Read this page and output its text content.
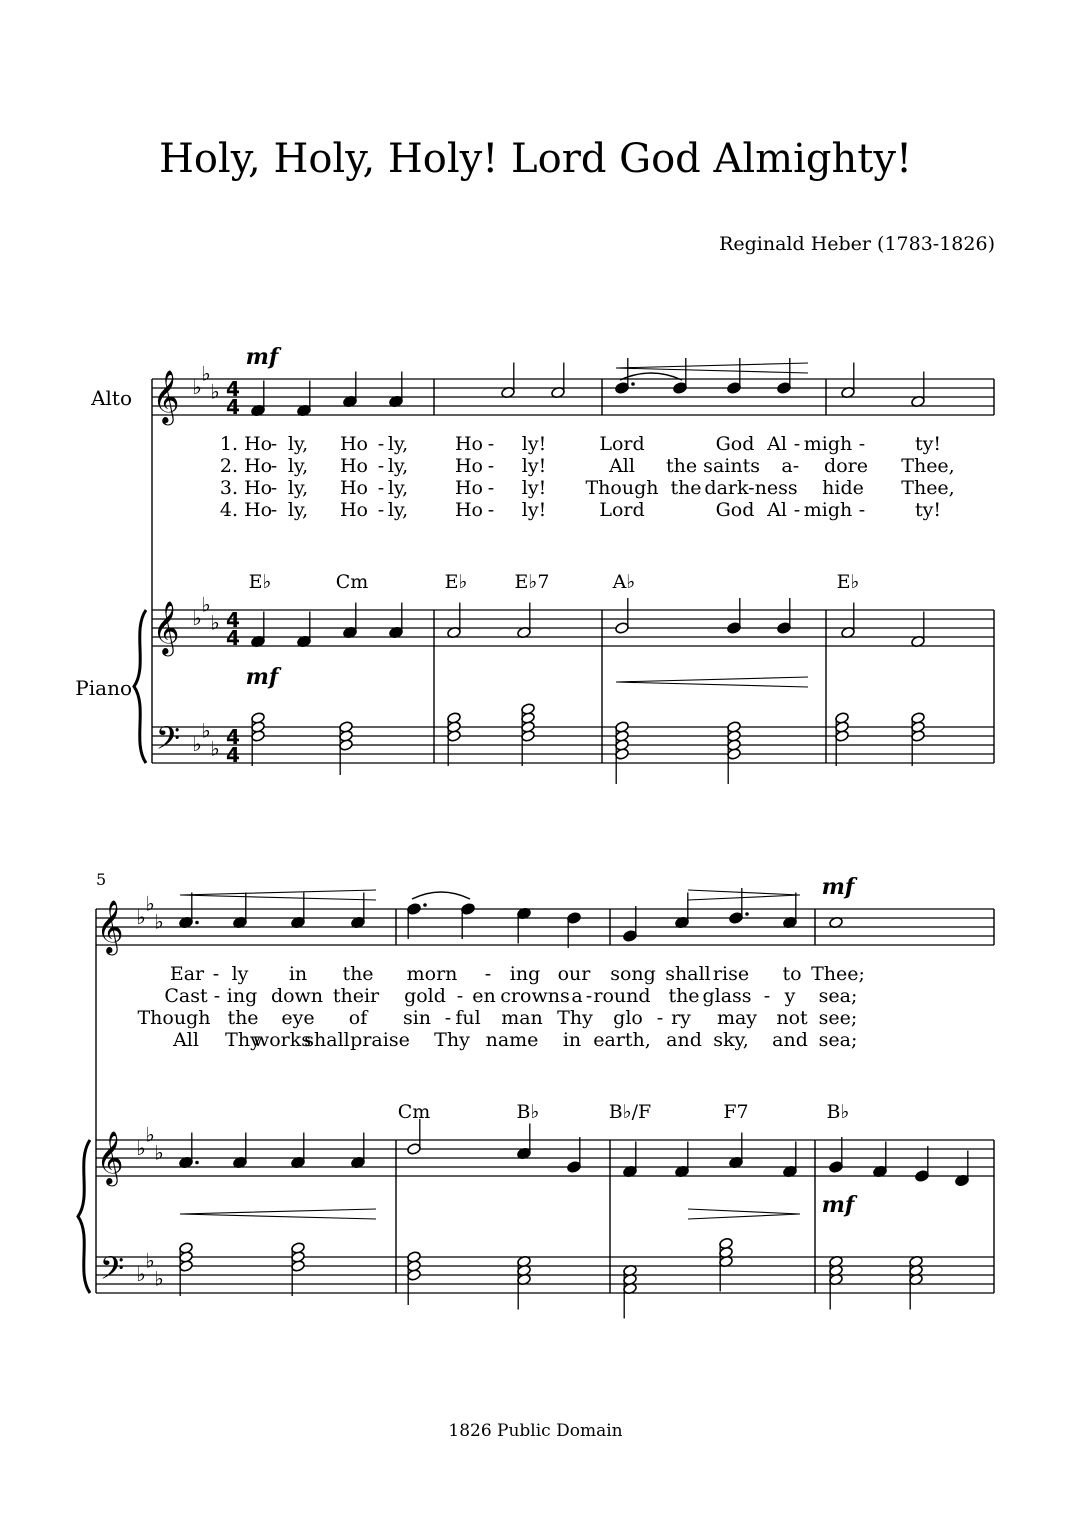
Holy, Holy, Holy! Lord God Almighty!
Reginald Heber (1783-1826)
1826 Public Domain
Alto
Piano
5
𝄞 ♭
♭
♭ 4
4
𝄞 ♭
♭
♭ 4
4
𝄢 ♭
♭
♭ 4
4
mf
mf
E♭	Cm	E♭ E♭7	A♭	E♭
1. Ho
- ly, Ho - ly, Ho - ly!	Lord	God Al - migh -	ty!
2. Ho
- ly, Ho - ly, Ho - ly!	All the saints a - dore Thee,
3. Ho
- ly, Ho - ly, Ho - ly! Though the dark-ness hide Thee,
4. Ho
- ly, Ho - ly, Ho - ly!	Lord	God Al - migh -	ty!
𝄞 ♭
♭
♭
𝄞 ♭
♭
♭
𝄢 ♭
♭
♭
mf
mf
Cm	B♭	B♭/F	F7	B♭
Ear - ly in the morn - ing our song shall rise to Thee;
Cast - ing down their gold - en crowns a - round the glass - y sea;
Though the eye of sin - ful man Thy glo - ry may not see;
All Thy
works
shall praise Thy name in earth, and sky, and sea;
